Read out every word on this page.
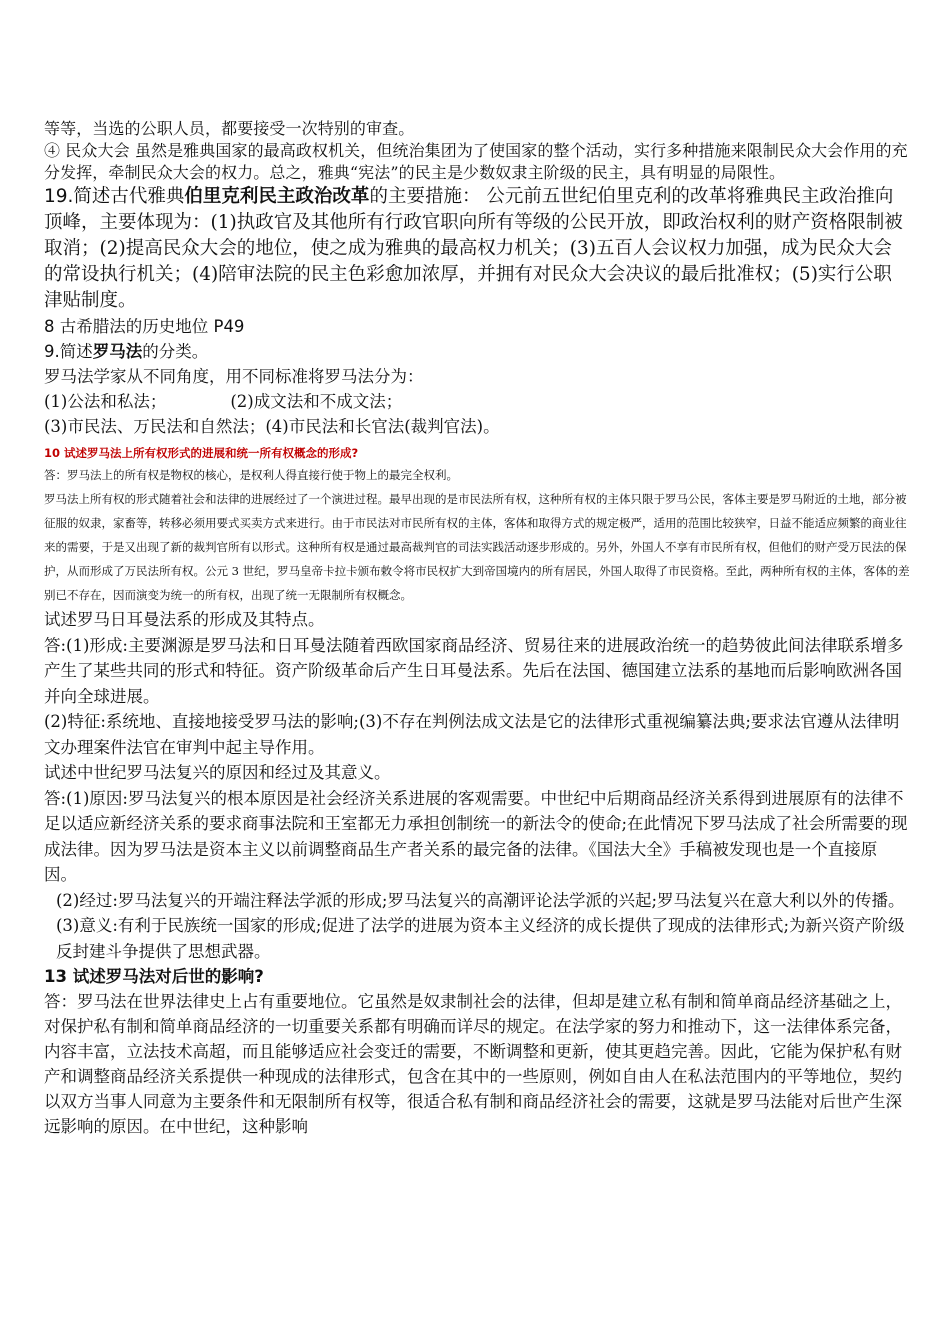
等等，当选的公职人员，都要接受一次特别的审查。

④ 民众大会 虽然是雅典国家的最高政权机关，但统治集团为了使国家的整个活动，实行多种措施来限制民众大会作用的充分发挥，牵制民众大会的权力。总之，雅典“宪法”的民主是少数奴隶主阶级的民主，具有明显的局限性。

19.简述古代雅典伯里克利民主政治改革的主要措施： 公元前五世纪伯里克利的改革将雅典民主政治推向顶峰，主要体现为：(1)执政官及其他所有行政官职向所有等级的公民开放，即政治权利的财产资格限制被取消；(2)提高民众大会的地位，使之成为雅典的最高权力机关；(3)五百人会议权力加强，成为民众大会的常设执行机关；(4)陪审法院的民主色彩愈加浓厚，并拥有对民众大会决议的最后批准权；(5)实行公职津贴制度。

8 古希腊法的历史地位 P49

9.简述罗马法的分类。

罗马法学家从不同角度，用不同标准将罗马法分为：

(1)公法和私法；	(2)成文法和不成文法；

(3)市民法、万民法和自然法；(4)市民法和长官法(裁判官法)。

10 试述罗马法上所有权形式的进展和统一所有权概念的形成?

答：罗马法上的所有权是物权的核心，是权利人得直接行使于物上的最完全权利。

罗马法上所有权的形式随着社会和法律的进展经过了一个演进过程。最早出现的是市民法所有权，这种所有权的主体只限于罗马公民，客体主要是罗马附近的土地，部分被征服的奴隶，家畜等，转移必须用要式买卖方式来进行。由于市民法对市民所有权的主体，客体和取得方式的规定极严，适用的范围比较狭窄，日益不能适应频繁的商业往来的需要，于是又出现了新的裁判官所有以形式。这种所有权是通过最高裁判官的司法实践活动逐步形成的。另外，外国人不享有市民所有权，但他们的财产受万民法的保护，从而形成了万民法所有权。公元 3 世纪，罗马皇帝卡拉卡颁布敕令将市民权扩大到帝国境内的所有居民，外国人取得了市民资格。至此，两种所有权的主体，客体的差别已不存在，因而演变为统一的所有权，出现了统一无限制所有权概念。

试述罗马日耳曼法系的形成及其特点。

答:(1)形成:主要渊源是罗马法和日耳曼法随着西欧国家商品经济、贸易往来的进展政治统一的趋势彼此间法律联系增多产生了某些共同的形式和特征。资产阶级革命后产生日耳曼法系。先后在法国、德国建立法系的基地而后影响欧洲各国并向全球进展。

(2)特征:系统地、直接地接受罗马法的影响;(3)不存在判例法成文法是它的法律形式重视编纂法典;要求法官遵从法律明文办理案件法官在审判中起主导作用。

试述中世纪罗马法复兴的原因和经过及其意义。

答:(1)原因:罗马法复兴的根本原因是社会经济关系进展的客观需要。中世纪中后期商品经济关系得到进展原有的法律不足以适应新经济关系的要求商事法院和王室都无力承担创制统一的新法令的使命;在此情况下罗马法成了社会所需要的现成法律。因为罗马法是资本主义以前调整商品生产者关系的最完备的法律。《国法大全》手稿被发现也是一个直接原因。

(2)经过:罗马法复兴的开端注释法学派的形成;罗马法复兴的高潮评论法学派的兴起;罗马法复兴在意大利以外的传播。

(3)意义:有利于民族统一国家的形成;促进了法学的进展为资本主义经济的成长提供了现成的法律形式;为新兴资产阶级反封建斗争提供了思想武器。

13 试述罗马法对后世的影响?

答：罗马法在世界法律史上占有重要地位。它虽然是奴隶制社会的法律，但却是建立私有制和简单商品经济基础之上，对保护私有制和简单商品经济的一切重要关系都有明确而详尽的规定。在法学家的努力和推动下，这一法律体系完备，内容丰富，立法技术高超，而且能够适应社会变迁的需要，不断调整和更新，使其更趋完善。因此，它能为保护私有财产和调整商品经济关系提供一种现成的法律形式，包含在其中的一些原则，例如自由人在私法范围内的平等地位，契约以双方当事人同意为主要条件和无限制所有权等，很适合私有制和商品经济社会的需要，这就是罗马法能对后世产生深远影响的原因。在中世纪，这种影响
